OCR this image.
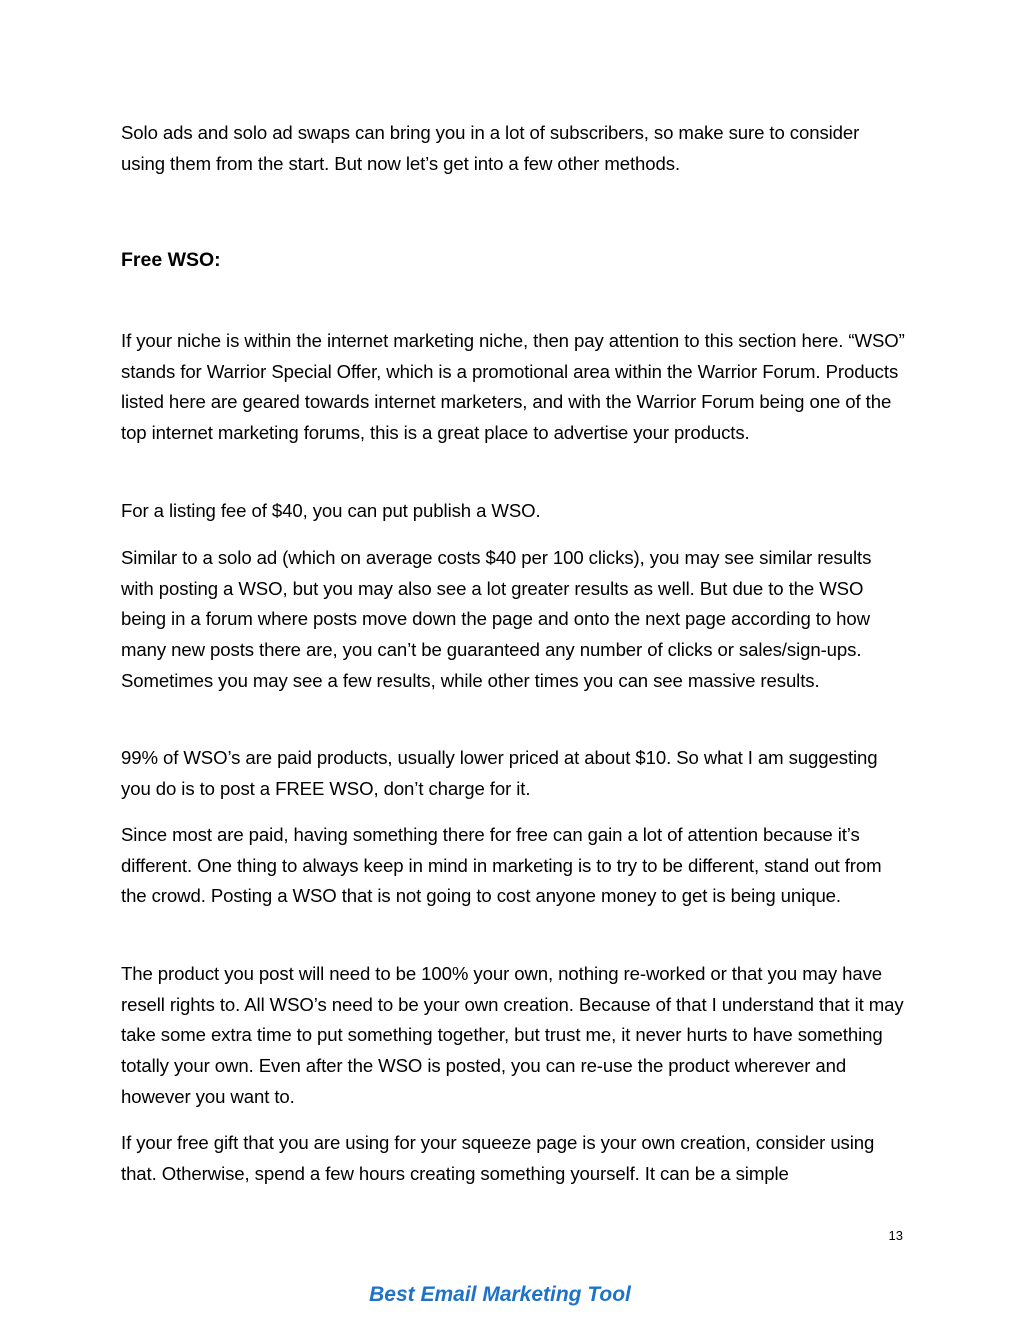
Solo ads and solo ad swaps can bring you in a lot of subscribers, so make sure to consider using them from the start. But now let’s get into a few other methods.

Free WSO:

If your niche is within the internet marketing niche, then pay attention to this section here. “WSO” stands for Warrior Special Offer, which is a promotional area within the Warrior Forum. Products listed here are geared towards internet marketers, and with the Warrior Forum being one of the top internet marketing forums, this is a great place to advertise your products.

For a listing fee of $40, you can put publish a WSO.

Similar to a solo ad (which on average costs $40 per 100 clicks), you may see similar results with posting a WSO, but you may also see a lot greater results as well. But due to the WSO being in a forum where posts move down the page and onto the next page according to how many new posts there are, you can’t be guaranteed any number of clicks or sales/sign-ups. Sometimes you may see a few results, while other times you can see massive results.

99% of WSO’s are paid products, usually lower priced at about $10. So what I am suggesting you do is to post a FREE WSO, don’t charge for it.

Since most are paid, having something there for free can gain a lot of attention because it’s different. One thing to always keep in mind in marketing is to try to be different, stand out from the crowd. Posting a WSO that is not going to cost anyone money to get is being unique.

The product you post will need to be 100% your own, nothing re-worked or that you may have resell rights to. All WSO’s need to be your own creation. Because of that I understand that it may take some extra time to put something together, but trust me, it never hurts to have something totally your own. Even after the WSO is posted, you can re-use the product wherever and however you want to.

If your free gift that you are using for your squeeze page is your own creation, consider using that. Otherwise, spend a few hours creating something yourself. It can be a simple

13
Best Email Marketing Tool
